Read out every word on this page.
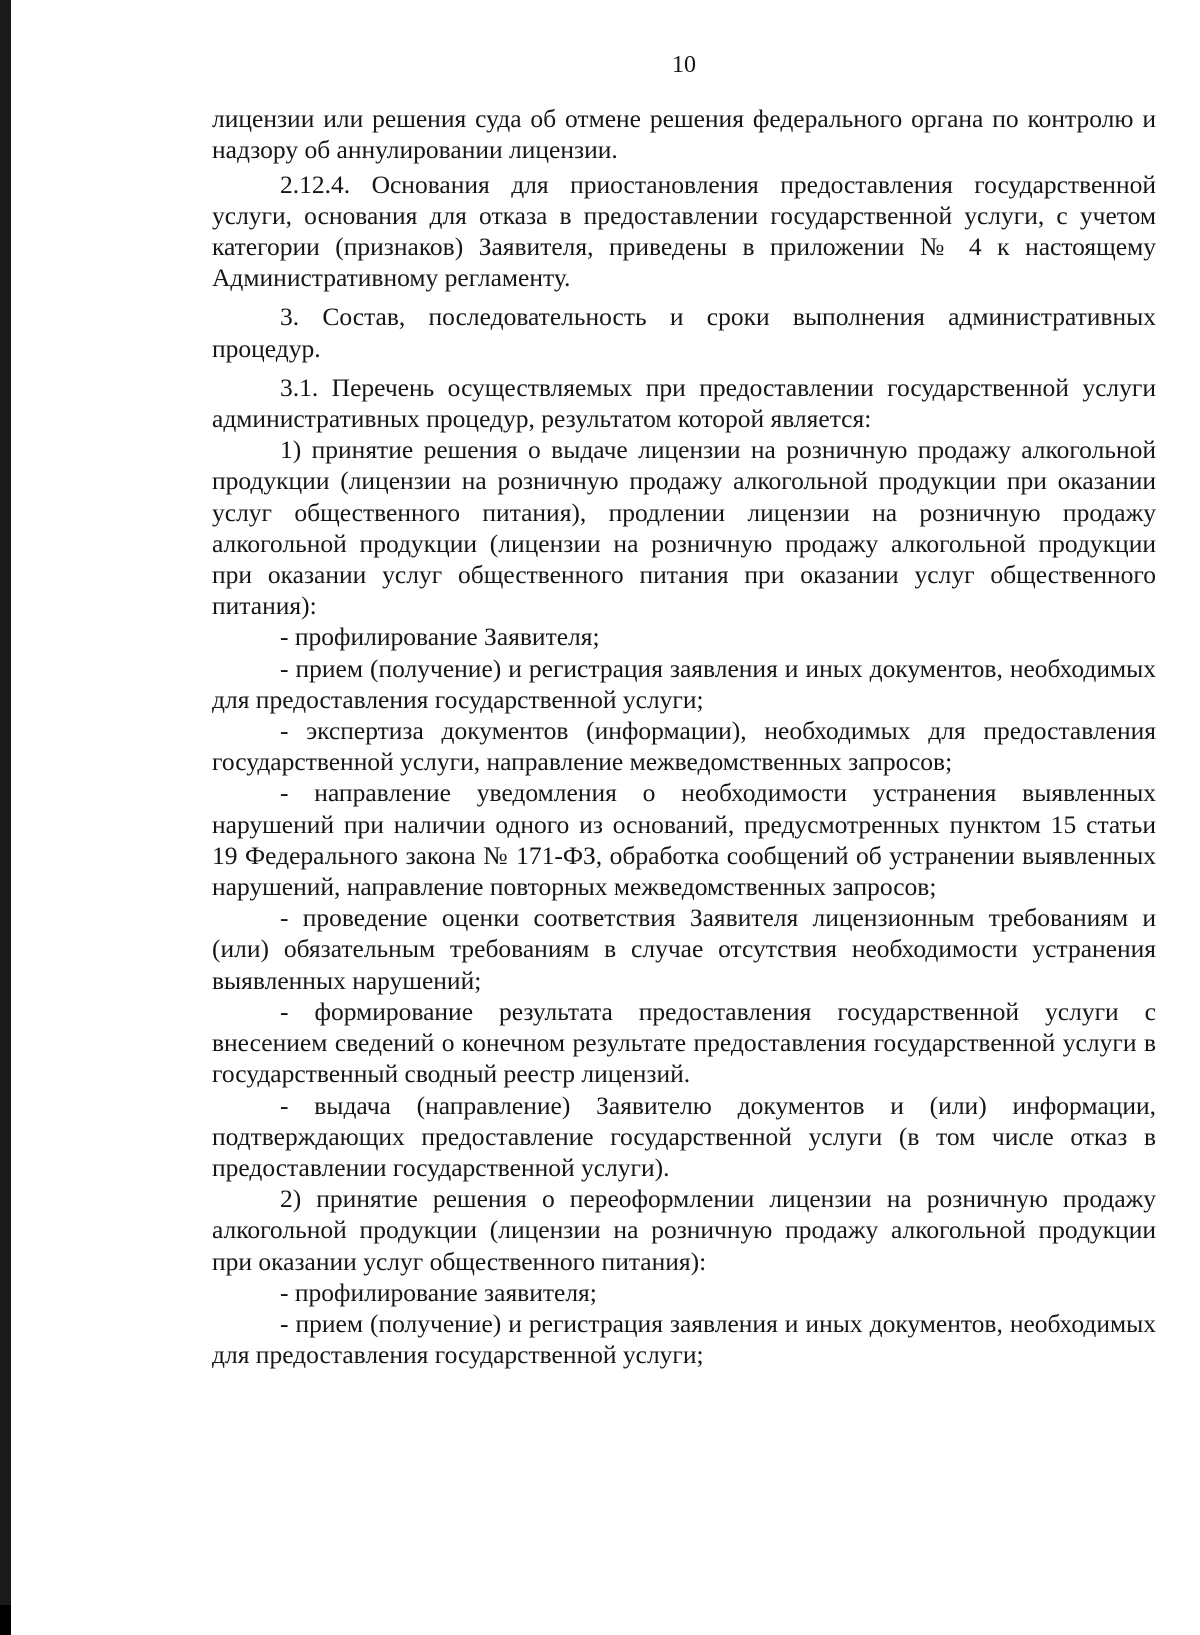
10

лицензии или решения суда об отмене решения федерального органа по контролю и надзору об аннулировании лицензии.

2.12.4. Основания для приостановления предоставления государственной услуги, основания для отказа в предоставлении государственной услуги, с учетом категории (признаков) Заявителя, приведены в приложении № 4 к настоящему Административному регламенту.

3. Состав, последовательность и сроки выполнения административных процедур.

3.1. Перечень осуществляемых при предоставлении государственной услуги административных процедур, результатом которой является:

1) принятие решения о выдаче лицензии на розничную продажу алкогольной продукции (лицензии на розничную продажу алкогольной продукции при оказании услуг общественного питания), продлении лицензии на розничную продажу алкогольной продукции (лицензии на розничную продажу алкогольной продукции при оказании услуг общественного питания при оказании услуг общественного питания):

- профилирование Заявителя;

- прием (получение) и регистрация заявления и иных документов, необходимых для предоставления государственной услуги;

- экспертиза документов (информации), необходимых для предоставления государственной услуги, направление межведомственных запросов;

- направление уведомления о необходимости устранения выявленных нарушений при наличии одного из оснований, предусмотренных пунктом 15 статьи 19 Федерального закона № 171-ФЗ, обработка сообщений об устранении выявленных нарушений, направление повторных межведомственных запросов;

- проведение оценки соответствия Заявителя лицензионным требованиям и (или) обязательным требованиям в случае отсутствия необходимости устранения выявленных нарушений;

- формирование результата предоставления государственной услуги с внесением сведений о конечном результате предоставления государственной услуги в государственный сводный реестр лицензий.

- выдача (направление) Заявителю документов и (или) информации, подтверждающих предоставление государственной услуги (в том числе отказ в предоставлении государственной услуги).

2) принятие решения о переоформлении лицензии на розничную продажу алкогольной продукции (лицензии на розничную продажу алкогольной продукции при оказании услуг общественного питания):

- профилирование заявителя;

- прием (получение) и регистрация заявления и иных документов, необходимых для предоставления государственной услуги;
